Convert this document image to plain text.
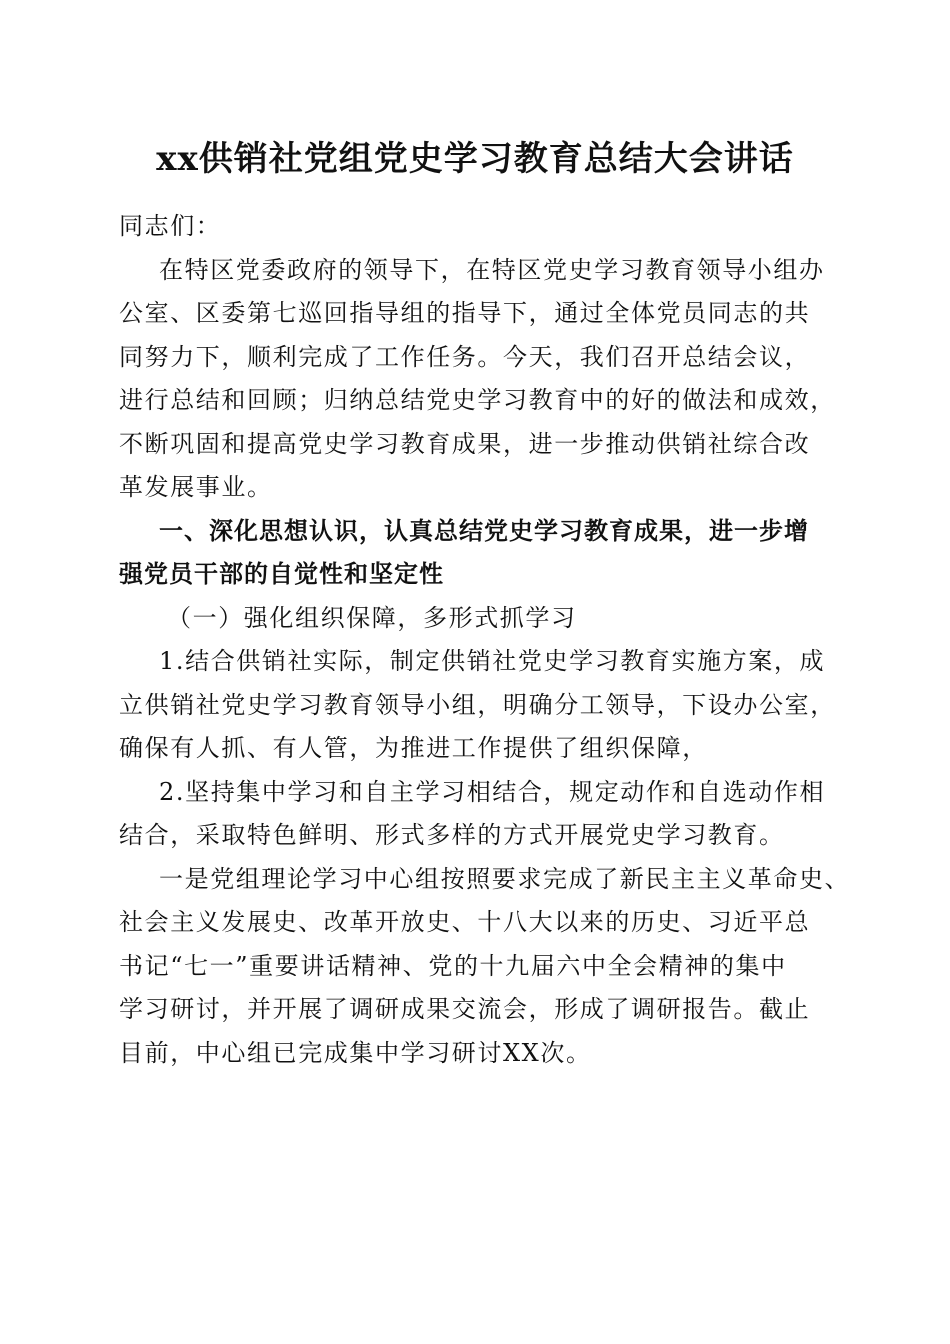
xx供销社党组党史学习教育总结大会讲话

同志们：

在特区党委政府的领导下，在特区党史学习教育领导小组办

公室、区委第七巡回指导组的指导下，通过全体党员同志的共

同努力下，顺利完成了工作任务。今天，我们召开总结会议，

进行总结和回顾；归纳总结党史学习教育中的好的做法和成效，

不断巩固和提高党史学习教育成果，进一步推动供销社综合改

革发展事业。

一、深化思想认识，认真总结党史学习教育成果，进一步增

强党员干部的自觉性和坚定性

（一）强化组织保障，多形式抓学习

1.结合供销社实际，制定供销社党史学习教育实施方案，成

立供销社党史学习教育领导小组，明确分工领导，下设办公室，

确保有人抓、有人管，为推进工作提供了组织保障，

2.坚持集中学习和自主学习相结合，规定动作和自选动作相

结合，采取特色鲜明、形式多样的方式开展党史学习教育。

一是党组理论学习中心组按照要求完成了新民主主义革命史、

社会主义发展史、改革开放史、十八大以来的历史、习近平总

书记“七一”重要讲话精神、党的十九届六中全会精神的集中

学习研讨，并开展了调研成果交流会，形成了调研报告。截止

目前，中心组已完成集中学习研讨XX次。
